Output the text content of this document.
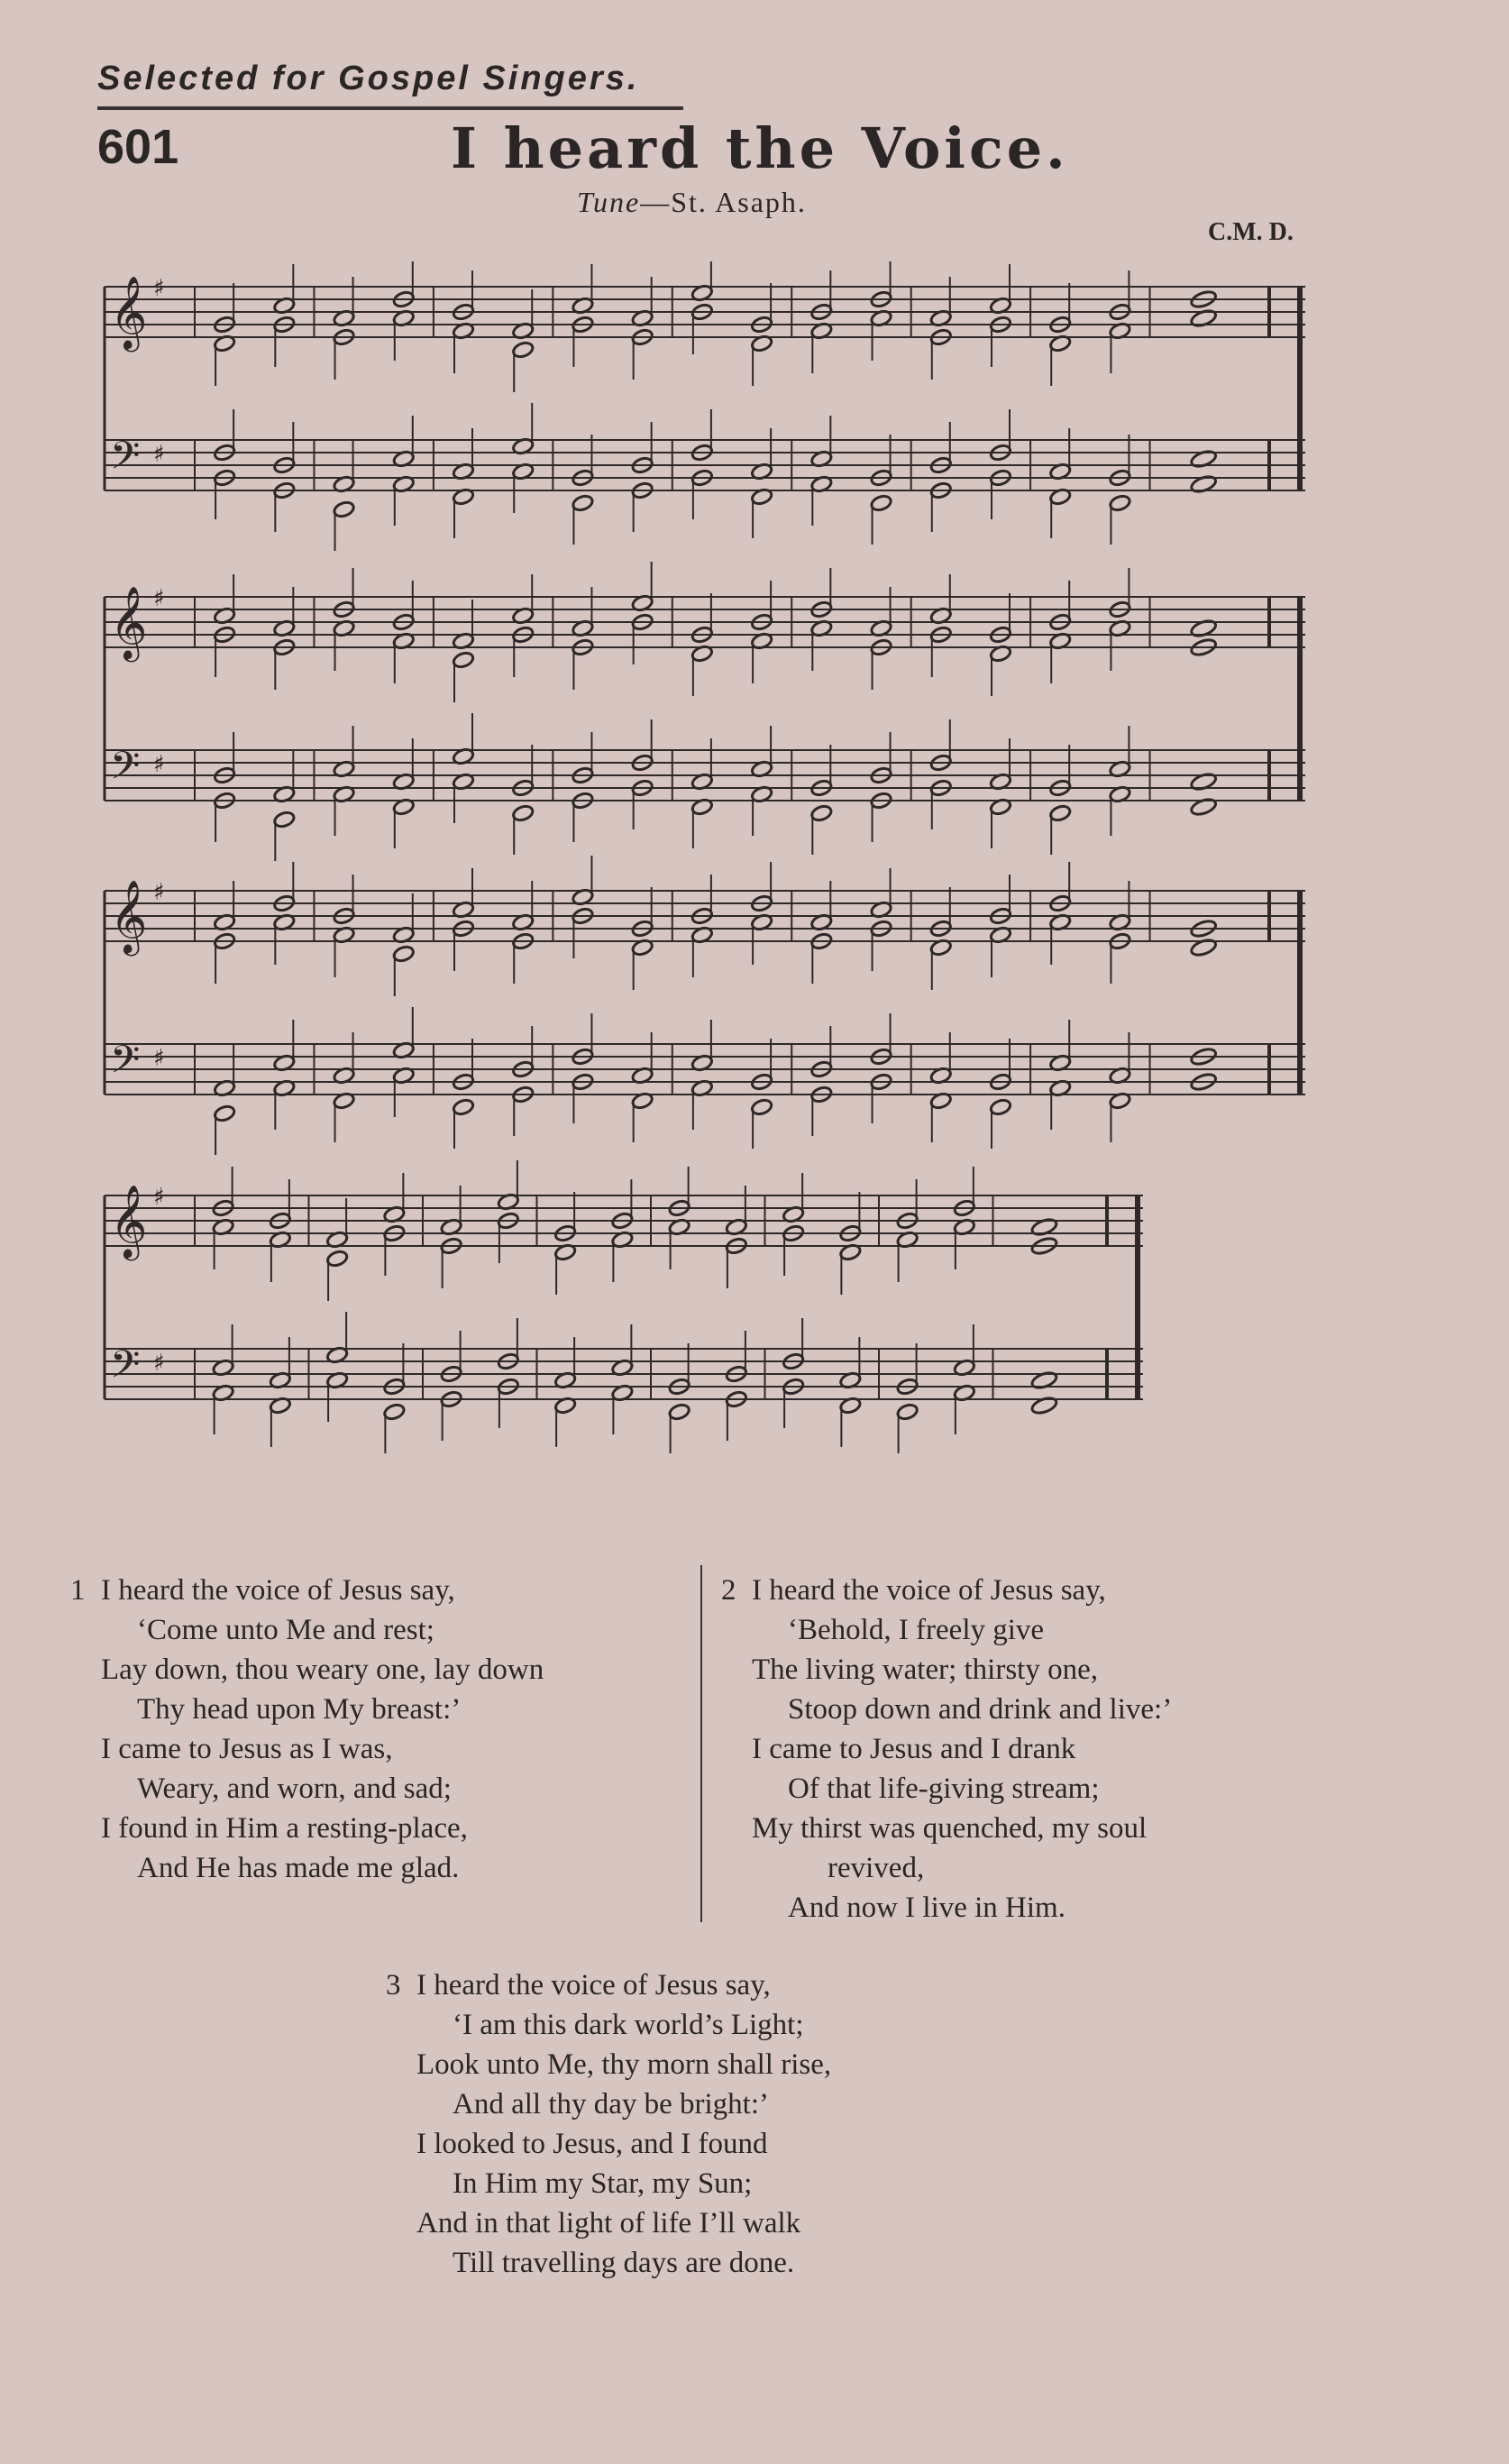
Selected for Gospel Singers.
601	I heard the Voice.
Tune—St. Asaph.
C.M. D.
𝄞 ♯
𝄢 ♯
𝄞 ♯
𝄢 ♯
𝄞 ♯
𝄢 ♯
𝄞 ♯
𝄢 ♯
1 I heard the voice of Jesus say,
‘Come unto Me and rest;
Lay down, thou weary one, lay down
Thy head upon My breast:’
I came to Jesus as I was,
Weary, and worn, and sad;
I found in Him a resting-place,
And He has made me glad.
2 I heard the voice of Jesus say,
‘Behold, I freely give
The living water; thirsty one,
Stoop down and drink and live:’
I came to Jesus and I drank
Of that life-giving stream;
My thirst was quenched, my soul
revived,
And now I live in Him.
3 I heard the voice of Jesus say,
‘I am this dark world’s Light;
Look unto Me, thy morn shall rise,
And all thy day be bright:’
I looked to Jesus, and I found
In Him my Star, my Sun;
And in that light of life I’ll walk
Till travelling days are done.
